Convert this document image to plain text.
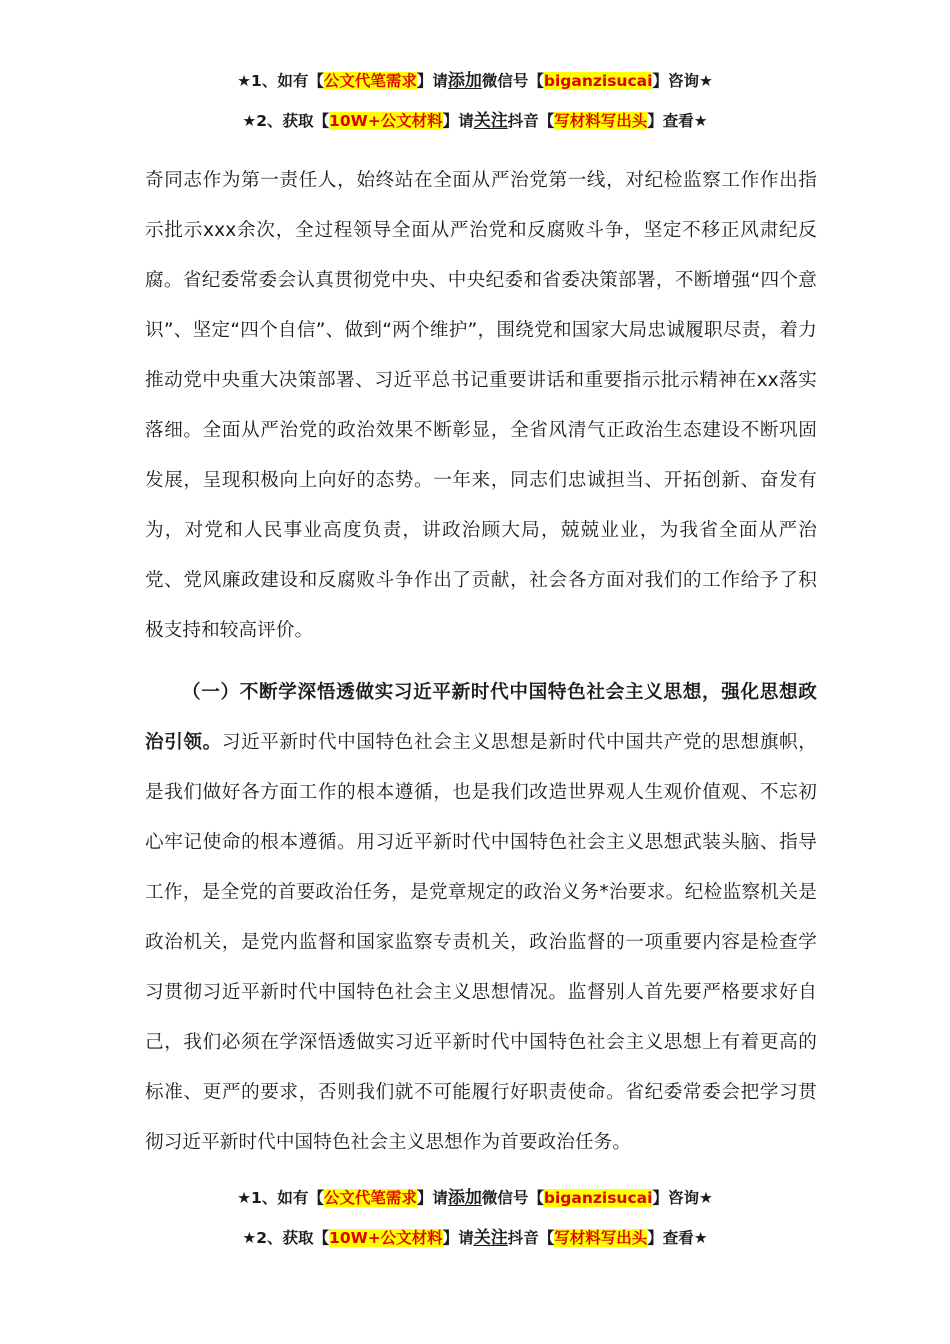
★1、如有【公文代笔需求】请添加微信号【biganzisucai】咨询★
★2、获取【10W+公文材料】请关注抖音【写材料写出头】查看★

奇同志作为第一责任人，始终站在全面从严治党第一线，对纪检监察工作作出指示批示xxx余次，全过程领导全面从严治党和反腐败斗争，坚定不移正风肃纪反腐。省纪委常委会认真贯彻党中央、中央纪委和省委决策部署，不断增强“四个意识”、坚定“四个自信”、做到“两个维护”，围绕党和国家大局忠诚履职尽责，着力推动党中央重大决策部署、习近平总书记重要讲话和重要指示批示精神在xx落实落细。全面从严治党的政治效果不断彰显，全省风清气正政治生态建设不断巩固发展，呈现积极向上向好的态势。一年来，同志们忠诚担当、开拓创新、奋发有为，对党和人民事业高度负责，讲政治顾大局，兢兢业业，为我省全面从严治党、党风廉政建设和反腐败斗争作出了贡献，社会各方面对我们的工作给予了积极支持和较高评价。

（一）不断学深悟透做实习近平新时代中国特色社会主义思想，强化思想政治引领。习近平新时代中国特色社会主义思想是新时代中国共产党的思想旗帜，是我们做好各方面工作的根本遵循，也是我们改造世界观人生观价值观、不忘初心牢记使命的根本遵循。用习近平新时代中国特色社会主义思想武装头脑、指导工作，是全党的首要政治任务，是党章规定的政治义务*治要求。纪检监察机关是政治机关，是党内监督和国家监察专责机关，政治监督的一项重要内容是检查学习贯彻习近平新时代中国特色社会主义思想情况。监督别人首先要严格要求好自己，我们必须在学深悟透做实习近平新时代中国特色社会主义思想上有着更高的标准、更严的要求，否则我们就不可能履行好职责使命。省纪委常委会把学习贯彻习近平新时代中国特色社会主义思想作为首要政治任务。

★1、如有【公文代笔需求】请添加微信号【biganzisucai】咨询★
★2、获取【10W+公文材料】请关注抖音【写材料写出头】查看★
